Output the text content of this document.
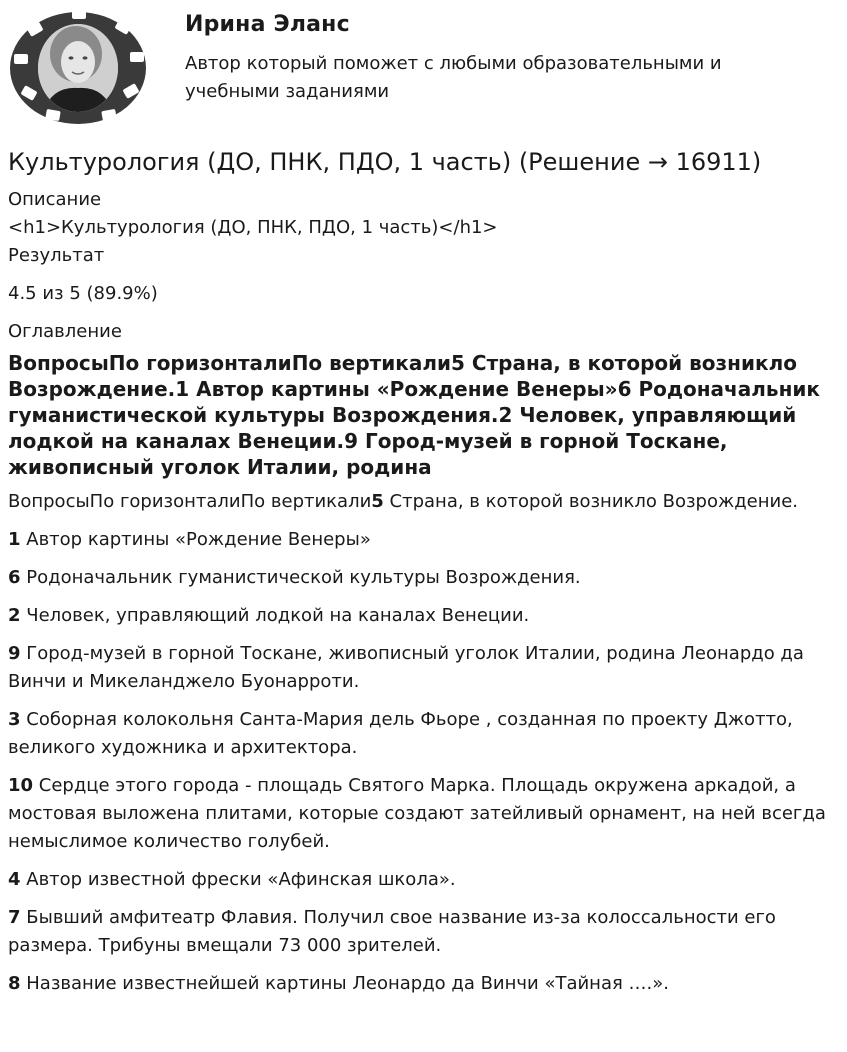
Ирина Эланс
Автор который поможет с любыми образовательными и учебными заданиями
Культурология (ДО, ПНК, ПДО, 1 часть) (Решение → 16911)
Описание
<h1>Культурология (ДО, ПНК, ПДО, 1 часть)</h1>
Результат
4.5 из 5 (89.9%)
Оглавление
ВопросыПо горизонталиПо вертикали5 Страна, в которой возникло Возрождение.1 Автор картины «Рождение Венеры»6 Родоначальник гуманистической культуры Возрождения.2 Человек, управляющий лодкой на каналах Венеции.9 Город-музей в горной Тоскане, живописный уголок Италии, родина

ВопросыПо горизонталиПо вертикали5 Страна, в которой возникло Возрождение.

1 Автор картины «Рождение Венеры»

6 Родоначальник гуманистической культуры Возрождения.

2 Человек, управляющий лодкой на каналах Венеции.

9 Город-музей в горной Тоскане, живописный уголок Италии, родина Леонардо да Винчи и Микеланджело Буонарроти.

3 Соборная колокольня Санта-Мария дель Фьоре , созданная по проекту Джотто, великого художника и архитектора.

10 Сердце этого города - площадь Святого Марка. Площадь окружена аркадой, а мостовая выложена плитами, которые создают затейливый орнамент, на ней всегда немыслимое количество голубей.

4 Автор известной фрески «Афинская школа».

7 Бывший амфитеатр Флавия. Получил свое название из-за колоссальности его размера. Трибуны вмещали 73 000 зрителей.

8 Название известнейшей картины Леонардо да Винчи «Тайная ….».
